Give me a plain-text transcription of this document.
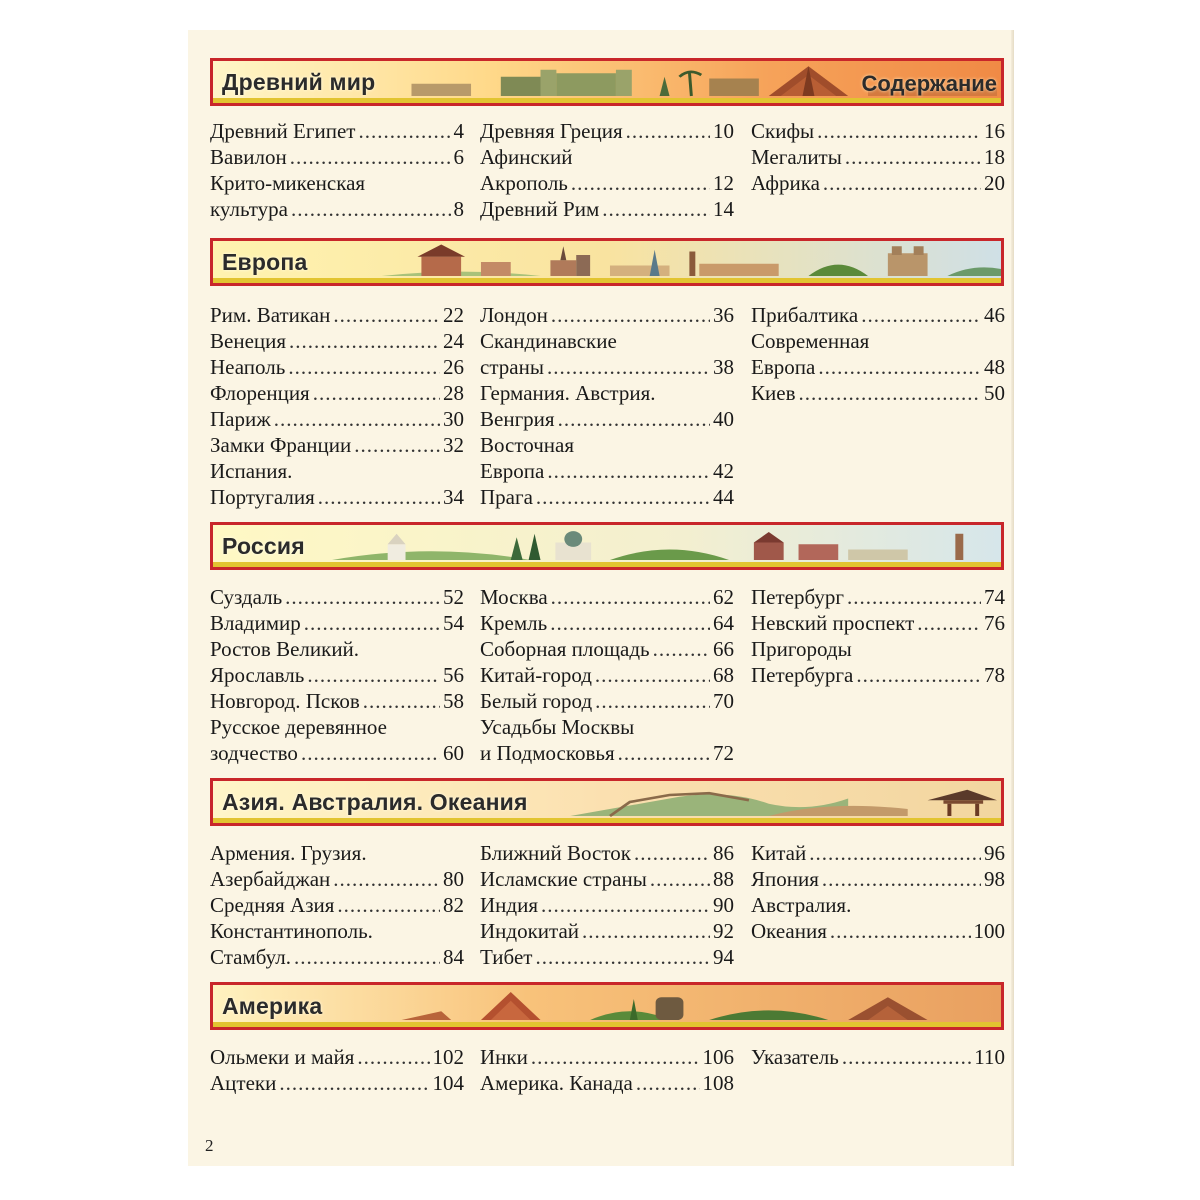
Древний мир	Содержание
Европа
Россия
Азия. Австралия. Океания
Америка
Древний Египет .....	4
Вавилон .....	6
Крито-микенская
культура .....	8
Древняя Греция .....	10
Афинский
Акрополь .....	12
Древний Рим .....	14
Скифы .....	16
Мегалиты .....	18
Африка .....	20
Рим. Ватикан .....	22
Венеция .....	24
Неаполь .....	26
Флоренция .....	28
Париж .....	30
Замки Франции .....	32
Испания.
Португалия .....	34
Лондон .....	36
Скандинавские
страны .....	38
Германия. Австрия.
Венгрия .....	40
Восточная
Европа .....	42
Прага .....	44
Прибалтика .....	46
Современная
Европа .....	48
Киев .....	50
Суздаль .....	52
Владимир .....	54
Ростов Великий.
Ярославль .....	56
Новгород. Псков .....	58
Русское деревянное
зодчество .....	60
Москва .....	62
Кремль .....	64
Соборная площадь .....	66
Китай-город .....	68
Белый город .....	70
Усадьбы Москвы
и Подмосковья .....	72
Петербург .....	74
Невский проспект .....	76
Пригороды
Петербурга .....	78
Армения. Грузия.
Азербайджан .....	80
Средняя Азия .....	82
Константинополь.
Стамбул. .....	84
Ближний Восток .....	86
Исламские страны .....	88
Индия .....	90
Индокитай .....	92
Тибет .....	94
Китай .....	96
Япония .....	98
Австралия.
Океания .....	100
Ольмеки и майя .....	102
Ацтеки .....	104
Инки .....	106
Америка. Канада .....	108
Указатель .....	110
2
